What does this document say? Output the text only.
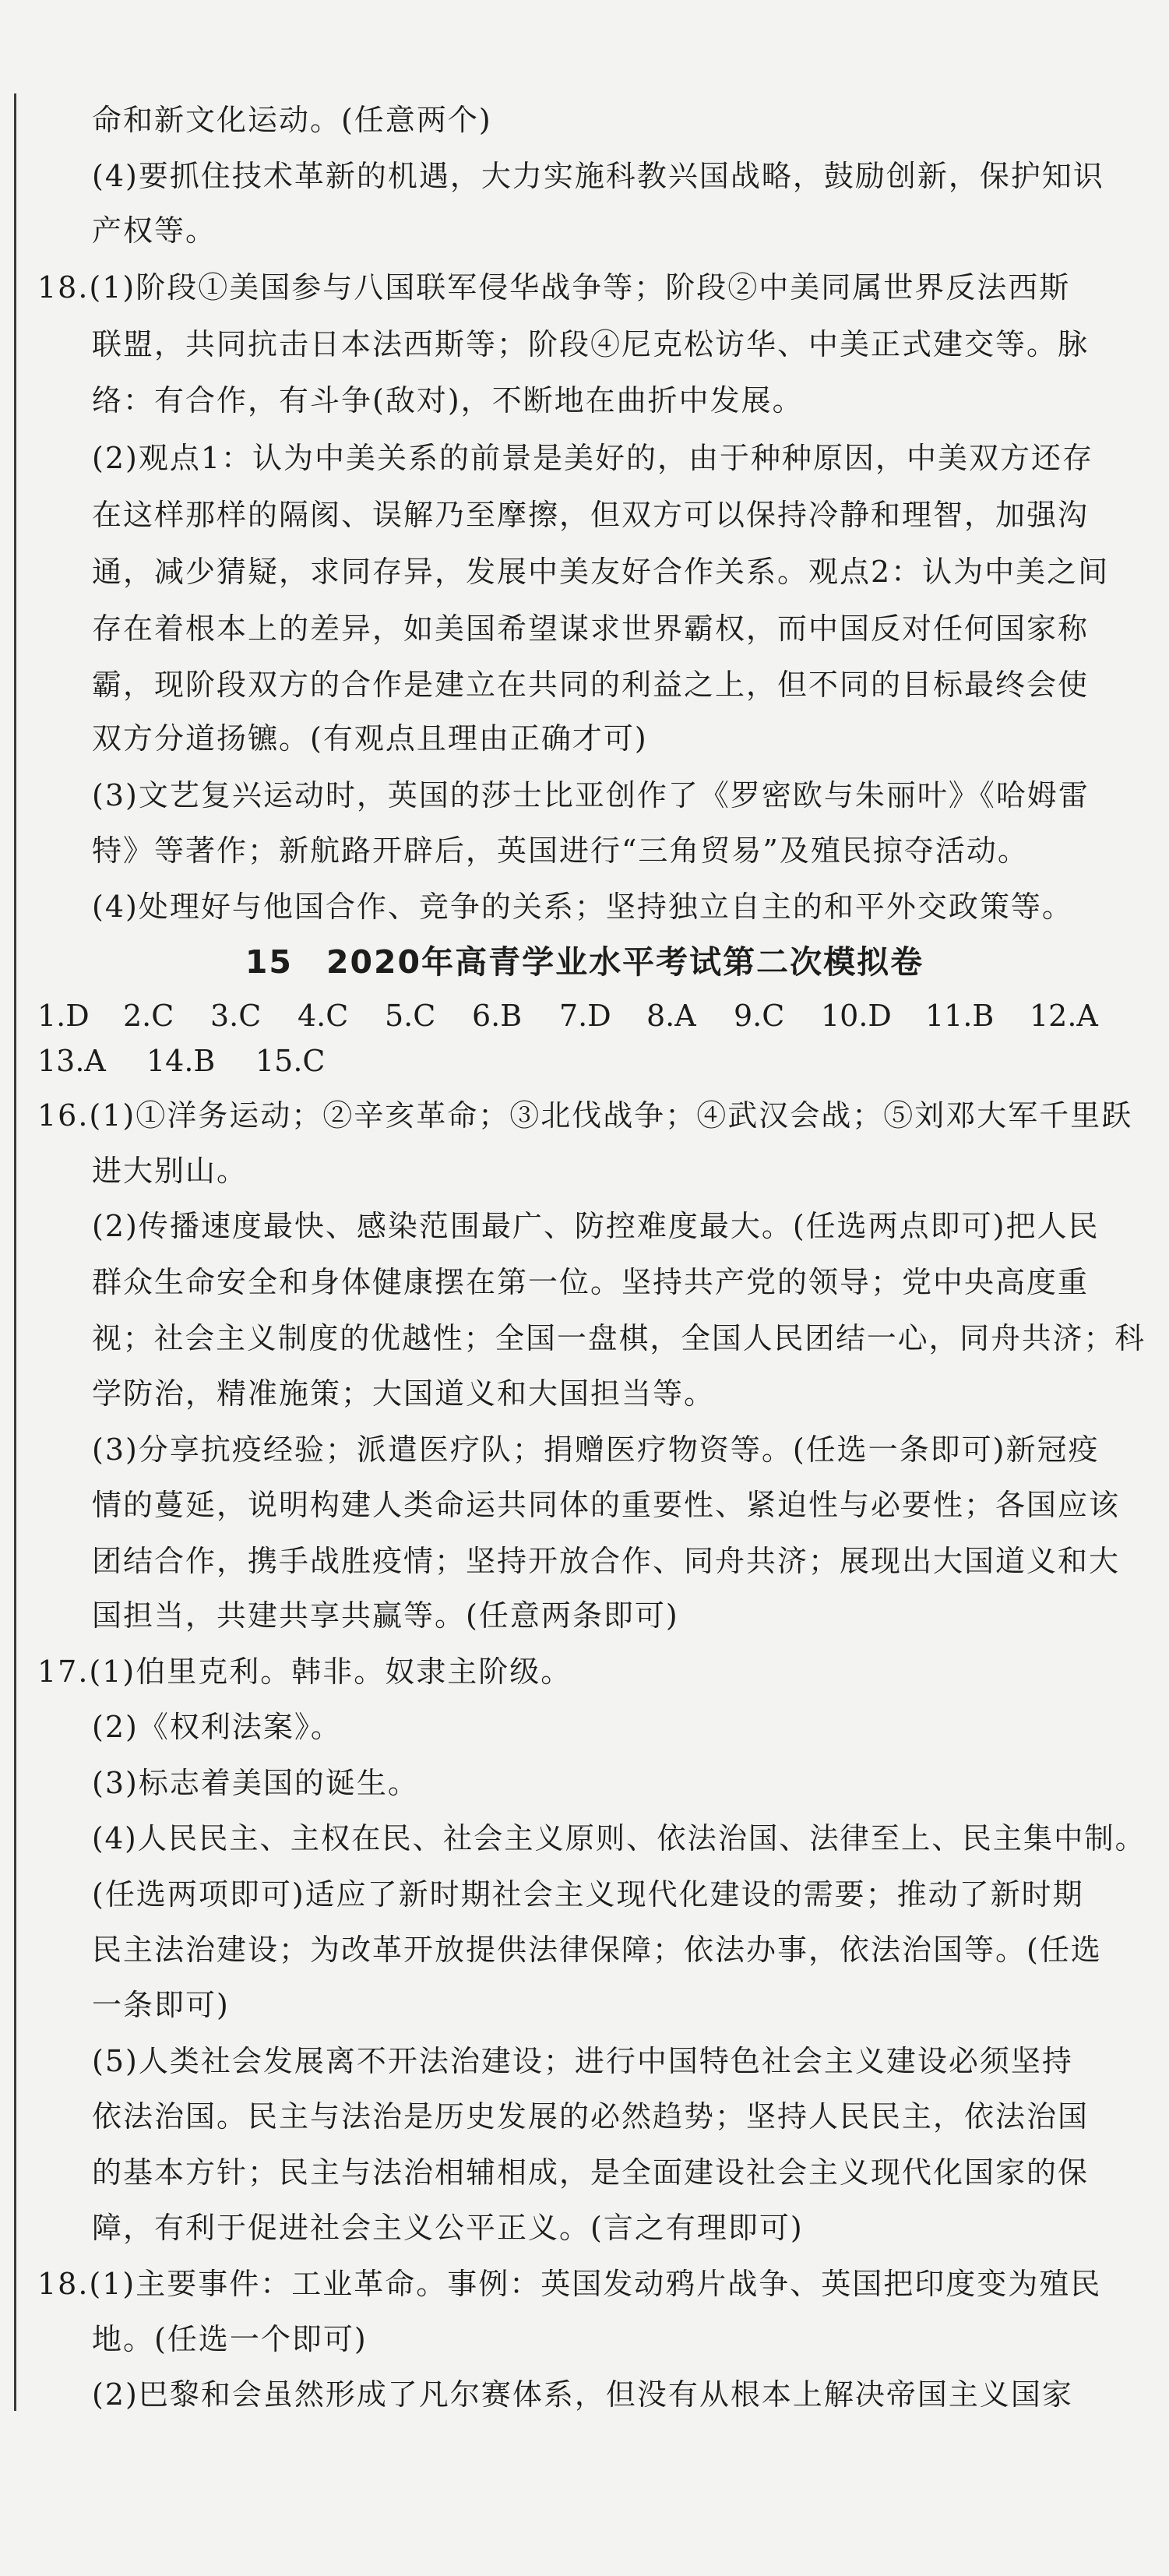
命和新文化运动。(任意两个)
(4)要抓住技术革新的机遇，大力实施科教兴国战略，鼓励创新，保护知识
产权等。
18.(1)阶段①美国参与八国联军侵华战争等；阶段②中美同属世界反法西斯
联盟，共同抗击日本法西斯等；阶段④尼克松访华、中美正式建交等。脉
络：有合作，有斗争(敌对)，不断地在曲折中发展。
(2)观点1：认为中美关系的前景是美好的，由于种种原因，中美双方还存
在这样那样的隔阂、误解乃至摩擦，但双方可以保持冷静和理智，加强沟
通，减少猜疑，求同存异，发展中美友好合作关系。观点2：认为中美之间
存在着根本上的差异，如美国希望谋求世界霸权，而中国反对任何国家称
霸，现阶段双方的合作是建立在共同的利益之上，但不同的目标最终会使
双方分道扬镳。(有观点且理由正确才可)
(3)文艺复兴运动时，英国的莎士比亚创作了《罗密欧与朱丽叶》《哈姆雷
特》等著作；新航路开辟后，英国进行“三角贸易”及殖民掠夺活动。
(4)处理好与他国合作、竞争的关系；坚持独立自主的和平外交政策等。
15　2020年高青学业水平考试第二次模拟卷
1.D 2.C 3.C 4.C 5.C 6.B 7.D 8.A 9.C 10.D 11.B 12.A
13.A 14.B 15.C
16.(1)①洋务运动；②辛亥革命；③北伐战争；④武汉会战；⑤刘邓大军千里跃
进大别山。
(2)传播速度最快、感染范围最广、防控难度最大。(任选两点即可)把人民
群众生命安全和身体健康摆在第一位。坚持共产党的领导；党中央高度重
视；社会主义制度的优越性；全国一盘棋，全国人民团结一心，同舟共济；科
学防治，精准施策；大国道义和大国担当等。
(3)分享抗疫经验；派遣医疗队；捐赠医疗物资等。(任选一条即可)新冠疫
情的蔓延，说明构建人类命运共同体的重要性、紧迫性与必要性；各国应该
团结合作，携手战胜疫情；坚持开放合作、同舟共济；展现出大国道义和大
国担当，共建共享共赢等。(任意两条即可)
17.(1)伯里克利。韩非。奴隶主阶级。
(2)《权利法案》。
(3)标志着美国的诞生。
(4)人民民主、主权在民、社会主义原则、依法治国、法律至上、民主集中制。
(任选两项即可)适应了新时期社会主义现代化建设的需要；推动了新时期
民主法治建设；为改革开放提供法律保障；依法办事，依法治国等。(任选
一条即可)
(5)人类社会发展离不开法治建设；进行中国特色社会主义建设必须坚持
依法治国。民主与法治是历史发展的必然趋势；坚持人民民主，依法治国
的基本方针；民主与法治相辅相成，是全面建设社会主义现代化国家的保
障，有利于促进社会主义公平正义。(言之有理即可)
18.(1)主要事件：工业革命。事例：英国发动鸦片战争、英国把印度变为殖民
地。(任选一个即可)
(2)巴黎和会虽然形成了凡尔赛体系，但没有从根本上解决帝国主义国家
